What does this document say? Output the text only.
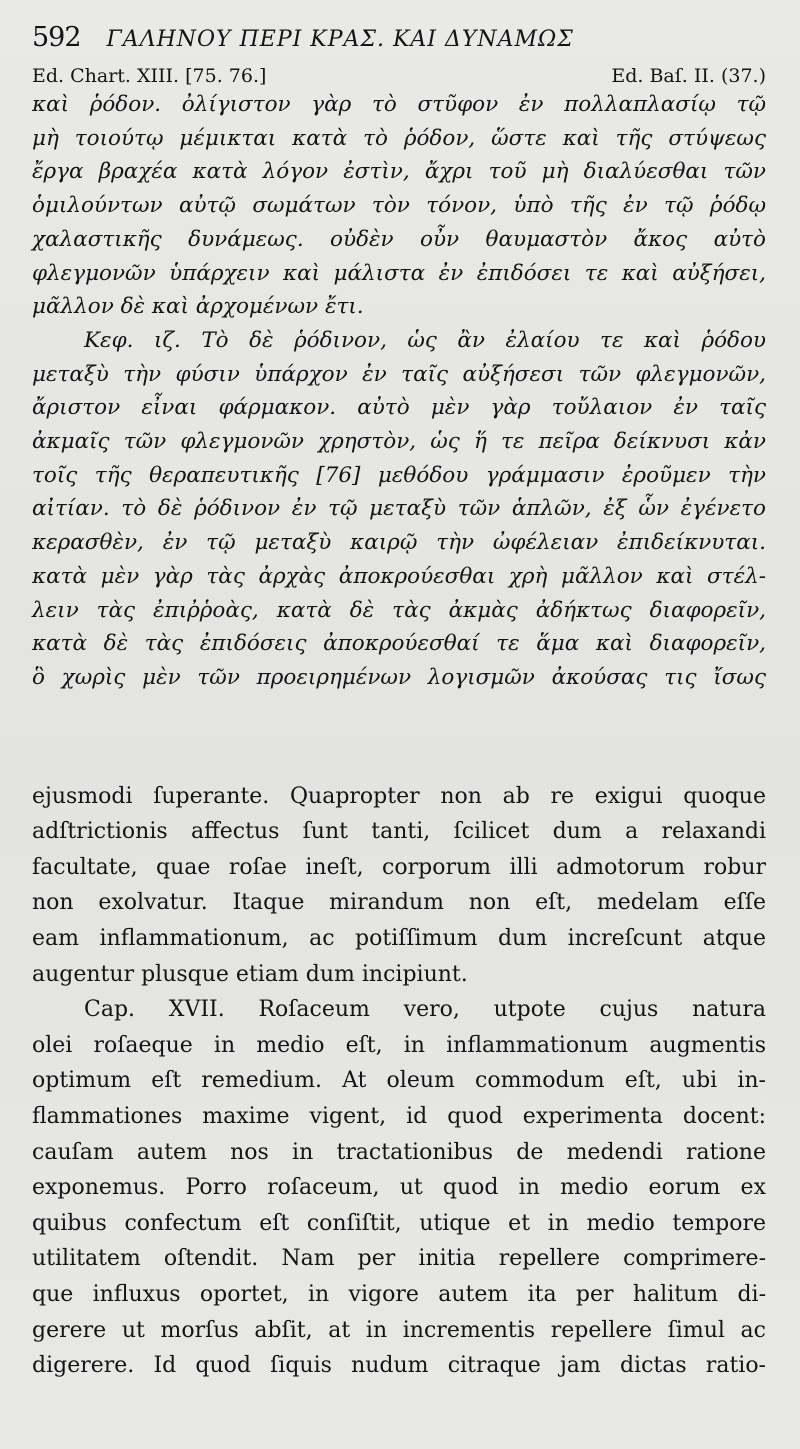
592 ΓΑΛΗΝΟΥ ΠΕΡΙ ΚΡΑΣ. ΚΑΙ ΔΥΝΑΜΩΣ
Ed. Chart. XIII. [75. 76.]	Ed. Baſ. II. (37.)
καὶ ῥόδον. ὀλίγιστον γὰρ τὸ στῦφον ἐν πολλαπλασίῳ τῷ
μὴ τοιούτῳ μέμικται κατὰ τὸ ῥόδον, ὥστε καὶ τῆς στύψεως
ἔργα βραχέα κατὰ λόγον ἐστὶν, ἄχρι τοῦ μὴ διαλύεσθαι τῶν
ὁμιλούντων αὐτῷ σωμάτων τὸν τόνον, ὑπὸ τῆς ἐν τῷ ῥόδῳ
χαλαστικῆς δυνάμεως. οὐδὲν οὖν θαυμαστὸν ἄκος αὐτὸ
φλεγμονῶν ὑπάρχειν καὶ μάλιστα ἐν ἐπιδόσει τε καὶ αὐξήσει,
μᾶλλον δὲ καὶ ἀρχομένων ἔτι.
Κεφ. ιζ. Τὸ δὲ ῥόδινον, ὡς ἂν ἐλαίου τε καὶ ῥόδου
μεταξὺ τὴν φύσιν ὑπάρχον ἐν ταῖς αὐξήσεσι τῶν φλεγμονῶν,
ἄριστον εἶναι φάρμακον. αὐτὸ μὲν γὰρ τοὔλαιον ἐν ταῖς
ἀκμαῖς τῶν φλεγμονῶν χρηστὸν, ὡς ἥ τε πεῖρα δείκνυσι κἀν
τοῖς τῆς θεραπευτικῆς [76] μεθόδου γράμμασιν ἐροῦμεν τὴν
αἰτίαν. τὸ δὲ ῥόδινον ἐν τῷ μεταξὺ τῶν ἁπλῶν, ἐξ ὧν ἐγένετο
κερασθὲν, ἐν τῷ μεταξὺ καιρῷ τὴν ὠφέλειαν ἐπιδείκνυται.
κατὰ μὲν γὰρ τὰς ἀρχὰς ἀποκρούεσθαι χρὴ μᾶλλον καὶ στέλ-
λειν τὰς ἐπιῤῥοὰς, κατὰ δὲ τὰς ἀκμὰς ἀδήκτως διαφορεῖν,
κατὰ δὲ τὰς ἐπιδόσεις ἀποκρούεσθαί τε ἅμα καὶ διαφορεῖν,
ὃ χωρὶς μὲν τῶν προειρημένων λογισμῶν ἀκούσας τις ἴσως
ejusmodi ſuperante. Quapropter non ab re exigui quoque
adſtrictionis affectus ſunt tanti, ſcilicet dum a relaxandi
facultate, quae roſae ineſt, corporum illi admotorum robur
non exolvatur. Itaque mirandum non eſt, medelam eſſe
eam inflammationum, ac potiſſimum dum increſcunt atque
augentur plusque etiam dum incipiunt.
Cap. XVII. Roſaceum vero, utpote cujus natura
olei roſaeque in medio eſt, in inflammationum augmentis
optimum eſt remedium. At oleum commodum eſt, ubi in-
flammationes maxime vigent, id quod experimenta docent:
cauſam autem nos in tractationibus de medendi ratione
exponemus. Porro roſaceum, ut quod in medio eorum ex
quibus confectum eſt conſiſtit, utique et in medio tempore
utilitatem oſtendit. Nam per initia repellere comprimere-
que influxus oportet, in vigore autem ita per halitum di-
gerere ut morſus abſit, at in incrementis repellere ſimul ac
digerere. Id quod ſiquis nudum citraque jam dictas ratio-
